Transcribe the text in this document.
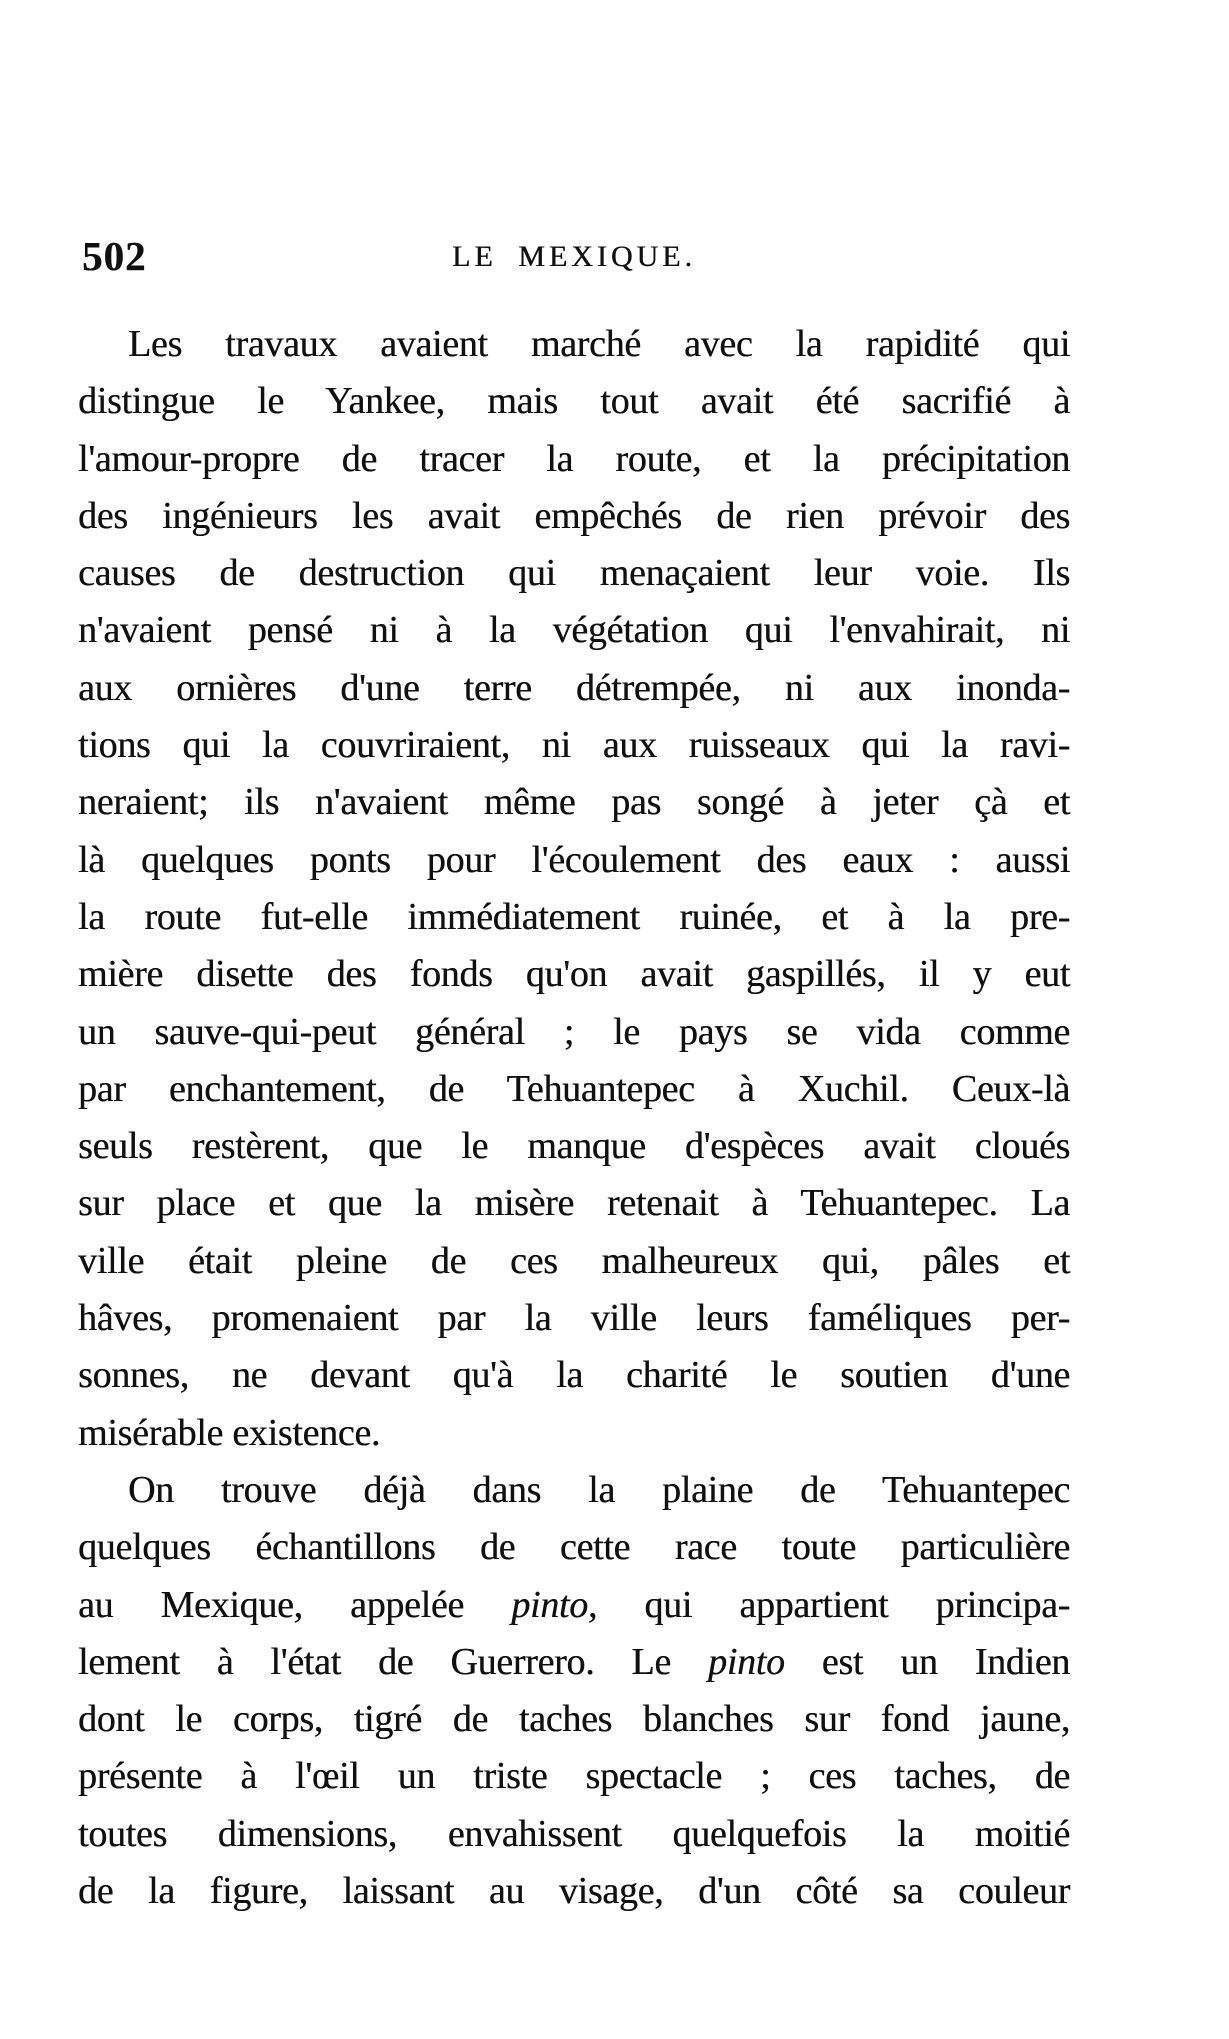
502	LE MEXIQUE.
Les travaux avaient marché avec la rapidité qui
distingue le Yankee, mais tout avait été sacrifié à
l'amour-propre de tracer la route, et la précipitation
des ingénieurs les avait empêchés de rien prévoir des
causes de destruction qui menaçaient leur voie. Ils
n'avaient pensé ni à la végétation qui l'envahirait, ni
aux ornières d'une terre détrempée, ni aux inonda-
tions qui la couvriraient, ni aux ruisseaux qui la ravi-
neraient; ils n'avaient même pas songé à jeter çà et
là quelques ponts pour l'écoulement des eaux : aussi
la route fut-elle immédiatement ruinée, et à la pre-
mière disette des fonds qu'on avait gaspillés, il y eut
un sauve-qui-peut général ; le pays se vida comme
par enchantement, de Tehuantepec à Xuchil. Ceux-là
seuls restèrent, que le manque d'espèces avait cloués
sur place et que la misère retenait à Tehuantepec. La
ville était pleine de ces malheureux qui, pâles et
hâves, promenaient par la ville leurs faméliques per-
sonnes, ne devant qu'à la charité le soutien d'une
misérable existence.
On trouve déjà dans la plaine de Tehuantepec
quelques échantillons de cette race toute particulière
au Mexique, appelée pinto, qui appartient principa-
lement à l'état de Guerrero. Le pinto est un Indien
dont le corps, tigré de taches blanches sur fond jaune,
présente à l'œil un triste spectacle ; ces taches, de
toutes dimensions, envahissent quelquefois la moitié
de la figure, laissant au visage, d'un côté sa couleur
